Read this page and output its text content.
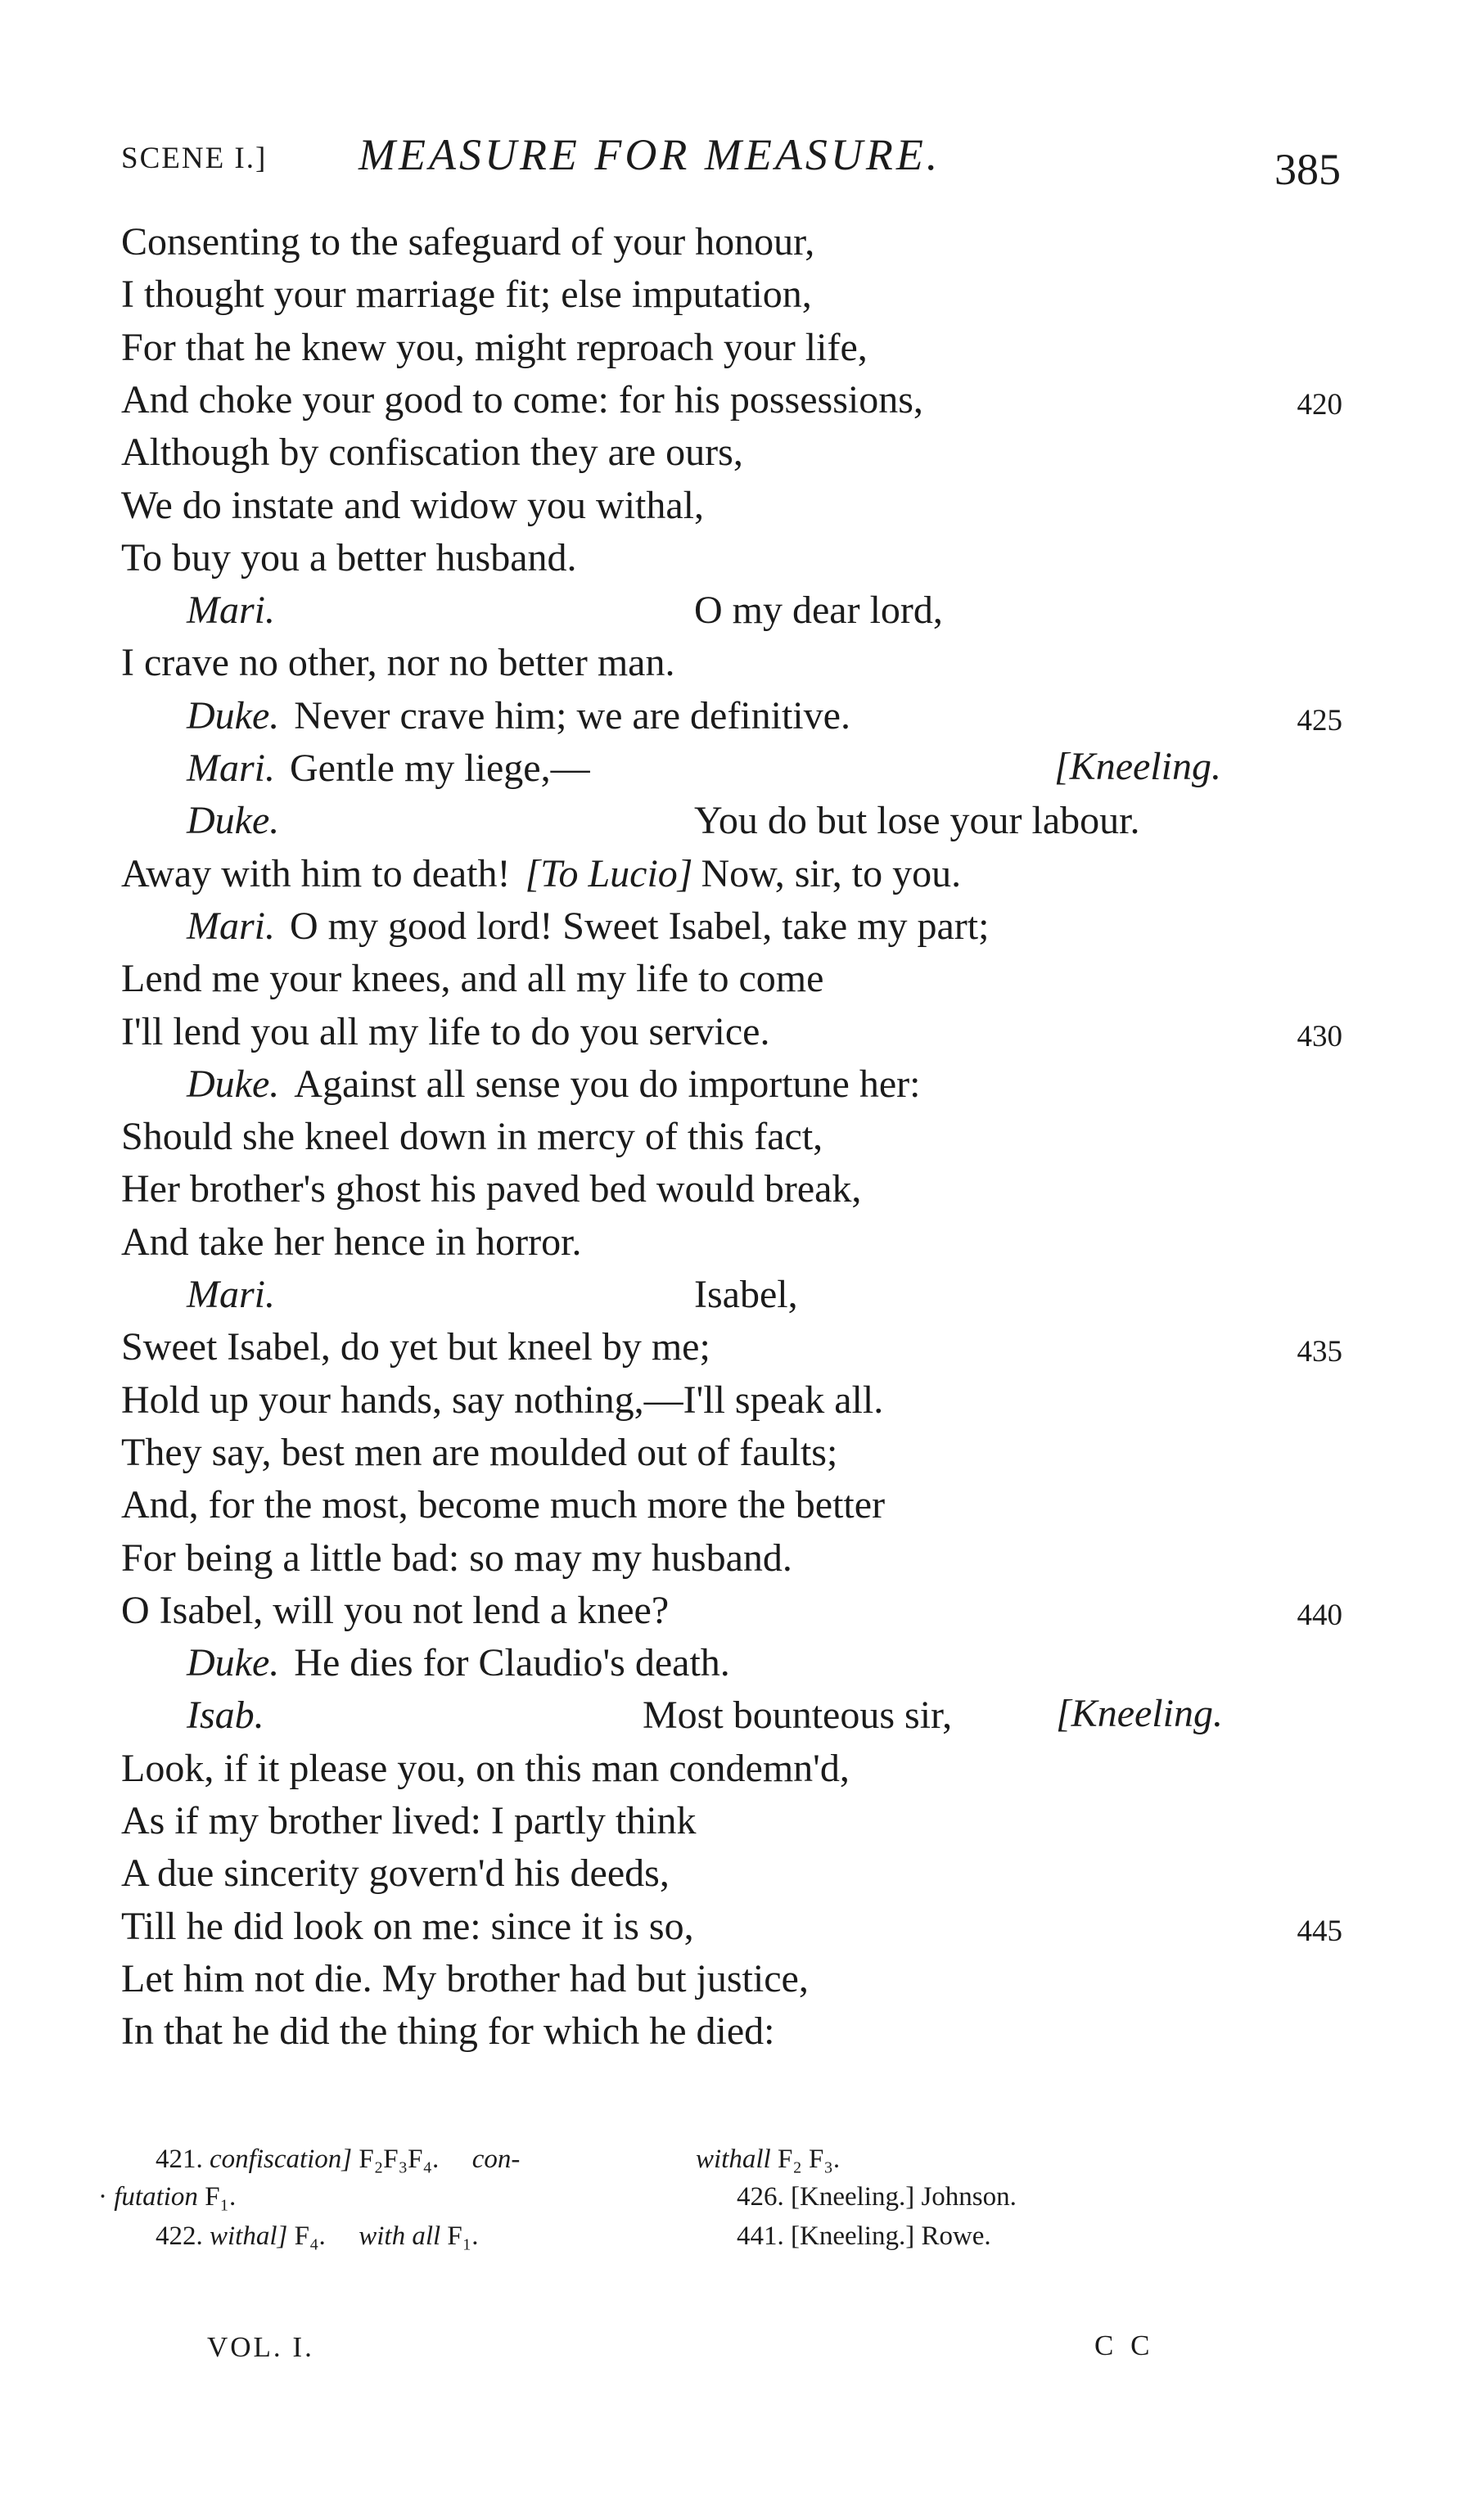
SCENE I.] MEASURE FOR MEASURE.	385
Consenting to the safeguard of your honour,
I thought your marriage fit; else imputation,
For that he knew you, might reproach your life,
And choke your good to come: for his possessions,	420
Although by confiscation they are ours,
We do instate and widow you withal,
To buy you a better husband.
Mari.	O my dear lord,
I crave no other, nor no better man.
Duke. Never crave him; we are definitive.	425
Mari. Gentle my liege,—	[Kneeling.
Duke.	You do but lose your labour.
Away with him to death! [To Lucio] Now, sir, to you.
Mari. O my good lord! Sweet Isabel, take my part;
Lend me your knees, and all my life to come
I'll lend you all my life to do you service.	430
Duke. Against all sense you do importune her:
Should she kneel down in mercy of this fact,
Her brother's ghost his paved bed would break,
And take her hence in horror.
Mari.	Isabel,
Sweet Isabel, do yet but kneel by me;	435
Hold up your hands, say nothing,—I'll speak all.
They say, best men are moulded out of faults;
And, for the most, become much more the better
For being a little bad: so may my husband.
O Isabel, will you not lend a knee?	440
Duke. He dies for Claudio's death.
Isab.	Most bounteous sir,	[Kneeling.
Look, if it please you, on this man condemn'd,
As if my brother lived: I partly think
A due sincerity govern'd his deeds,
Till he did look on me: since it is so,	445
Let him not die. My brother had but justice,
In that he did the thing for which he died:
421. confiscation] F₂F₃F₄. con-
· futation F₁.
422. withal] F₄. with all F₁.
withall F₂ F₃.
426. [Kneeling.] Johnson.
441. [Kneeling.] Rowe.
VOL. I.	C C
